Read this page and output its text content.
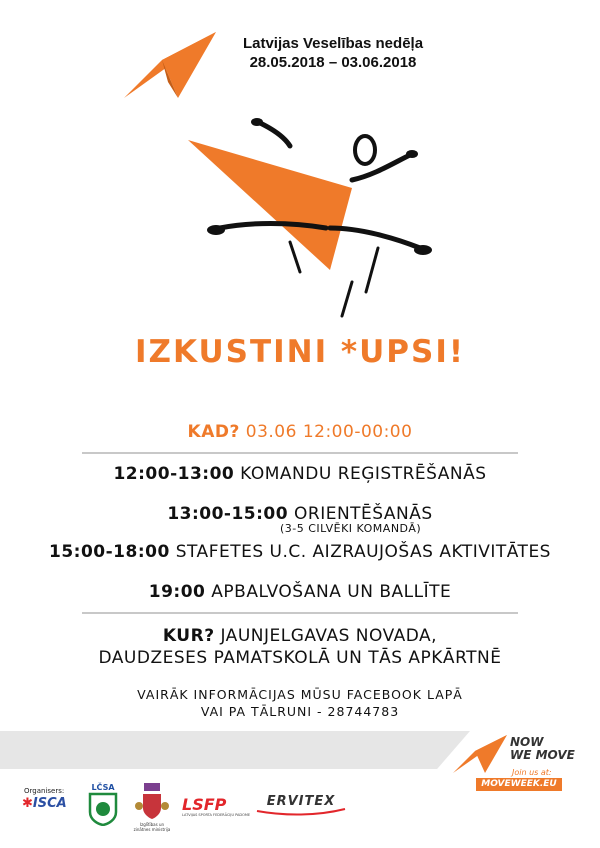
Latvijas Veselības nedēļa
28.05.2018 – 03.06.2018
IZKUSTINI *UPSI!
KAD? 03.06 12:00-00:00
12:00-13:00 KOMANDU REĢISTRĒŠANĀS
13:00-15:00 ORIENTĒŠANĀS
(3-5 CILVĒKI KOMANDĀ)
15:00-18:00 STAFETES U.C. AIZRAUJOŠAS AKTIVITĀTES
19:00 APBALVOŠANA UN BALLĪTE
KUR? JAUNJELGAVAS NOVADA,
DAUDZESES PAMATSKOLĀ UN TĀS APKĀRTNĒ
VAIRĀK INFORMĀCIJAS MŪSU FACEBOOK LAPĀ
VAI PA TĀLRUNI - 28744783
NOW
WE MOVE
Join us at:
MOVEWEEK.EU
Organisers:
✱ISCA
LČSA
Izglītības un zinātnes ministrija
LSFP
LATVIJAS SPORTA FEDERĀCIJU PADOME
ERVITEX
